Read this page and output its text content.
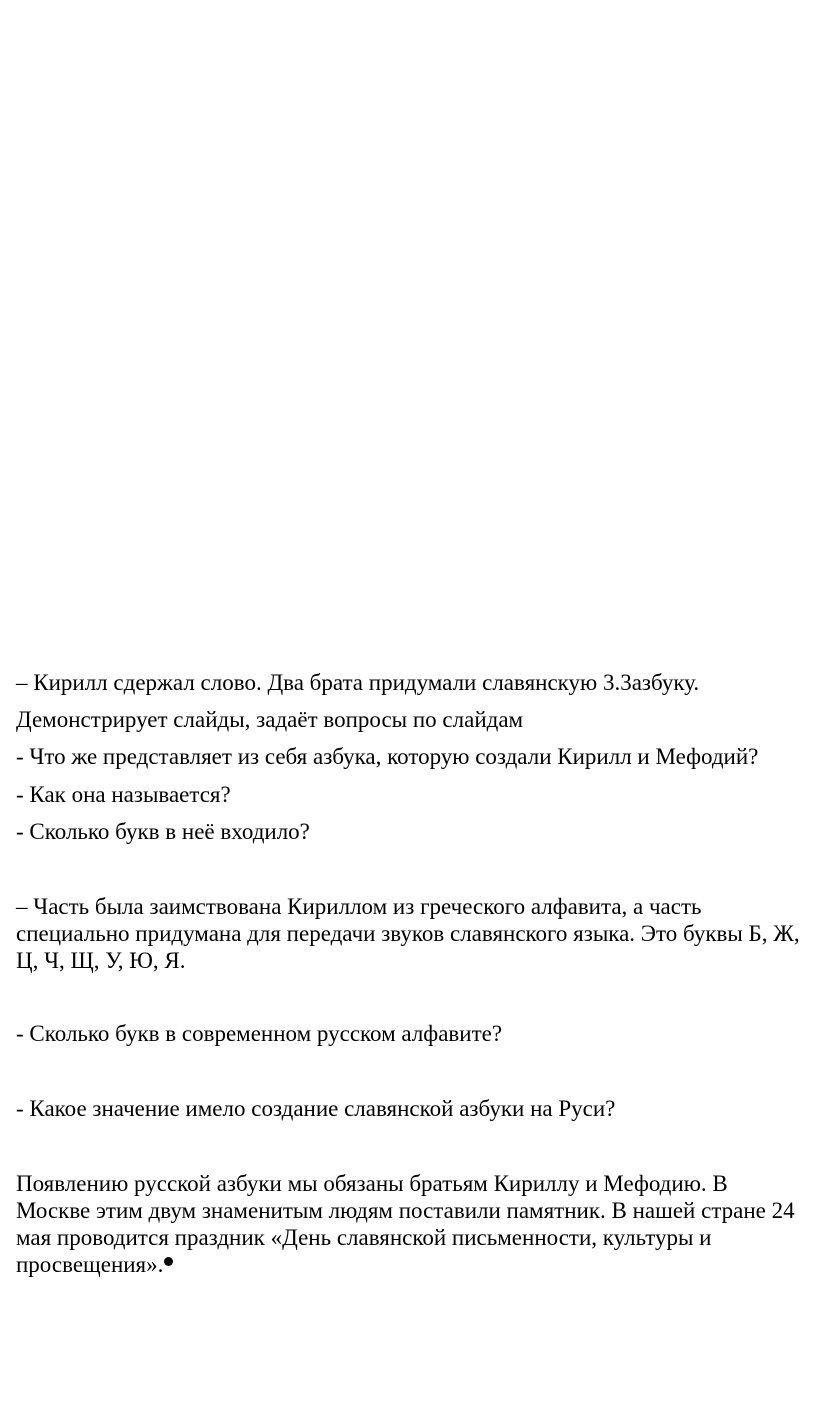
– Кирилл сдержал слово. Два брата придумали славянскую 3.3азбуку.
Демонстрирует слайды, задаёт вопросы по слайдам
- Что же представляет из себя азбука, которую создали Кирилл и Мефодий?
- Как она называется?
- Сколько букв в неё входило?
– Часть была заимствована Кириллом из греческого алфавита, а часть специально придумана для передачи звуков славянского языка. Это буквы Б, Ж, Ц, Ч, Щ, У, Ю, Я.
- Сколько букв в современном русском алфавите?
- Какое значение имело создание славянской азбуки на Руси?
Появлению русской азбуки мы обязаны братьям Кириллу и Мефодию. В Москве этим двум знаменитым людям поставили памятник. В нашей стране 24 мая проводится праздник «День славянской письменности, культуры и просвещения».
